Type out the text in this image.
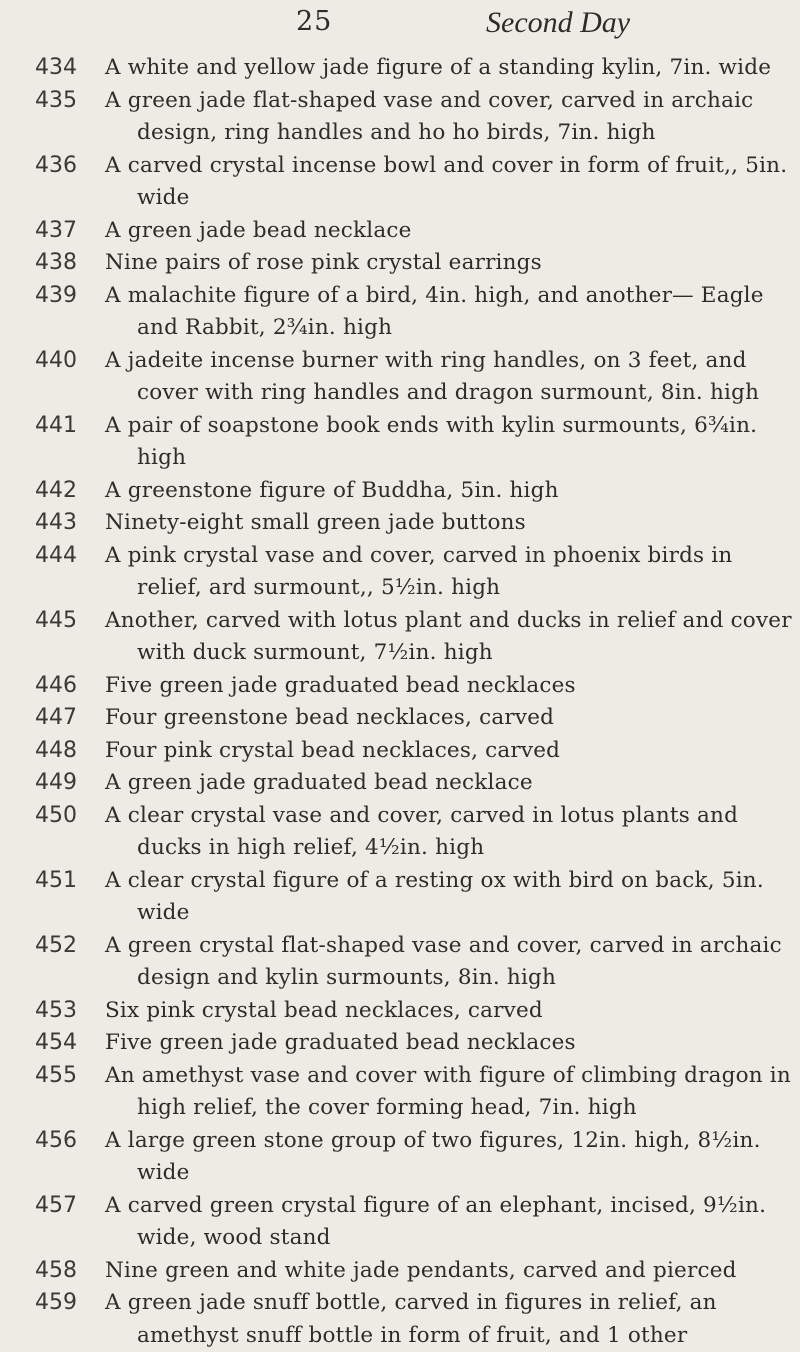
25	Second Day
434	A white and yellow jade figure of a standing kylin, 7in. wide
435	A green jade flat-shaped vase and cover, carved in archaic design, ring handles and ho ho birds, 7in. high
436	A carved crystal incense bowl and cover in form of fruit,, 5in. wide
437	A green jade bead necklace
438	Nine pairs of rose pink crystal earrings
439	A malachite figure of a bird, 4in. high, and another— Eagle and Rabbit, 2¾in. high
440	A jadeite incense burner with ring handles, on 3 feet, and cover with ring handles and dragon surmount, 8in. high
441	A pair of soapstone book ends with kylin surmounts, 6¾in. high
442	A greenstone figure of Buddha, 5in. high
443	Ninety-eight small green jade buttons
444	A pink crystal vase and cover, carved in phoenix birds in relief, ard surmount,, 5½in. high
445	Another, carved with lotus plant and ducks in relief and cover with duck surmount, 7½in. high
446	Five green jade graduated bead necklaces
447	Four greenstone bead necklaces, carved
448	Four pink crystal bead necklaces, carved
449	A green jade graduated bead necklace
450	A clear crystal vase and cover, carved in lotus plants and ducks in high relief, 4½in. high
451	A clear crystal figure of a resting ox with bird on back, 5in. wide
452	A green crystal flat-shaped vase and cover, carved in archaic design and kylin surmounts, 8in. high
453	Six pink crystal bead necklaces, carved
454	Five green jade graduated bead necklaces
455	An amethyst vase and cover with figure of climbing dragon in high relief, the cover forming head, 7in. high
456	A large green stone group of two figures, 12in. high, 8½in. wide
457	A carved green crystal figure of an elephant, incised, 9½in. wide, wood stand
458	Nine green and white jade pendants, carved and pierced
459	A green jade snuff bottle, carved in figures in relief, an amethyst snuff bottle in form of fruit, and 1 other
